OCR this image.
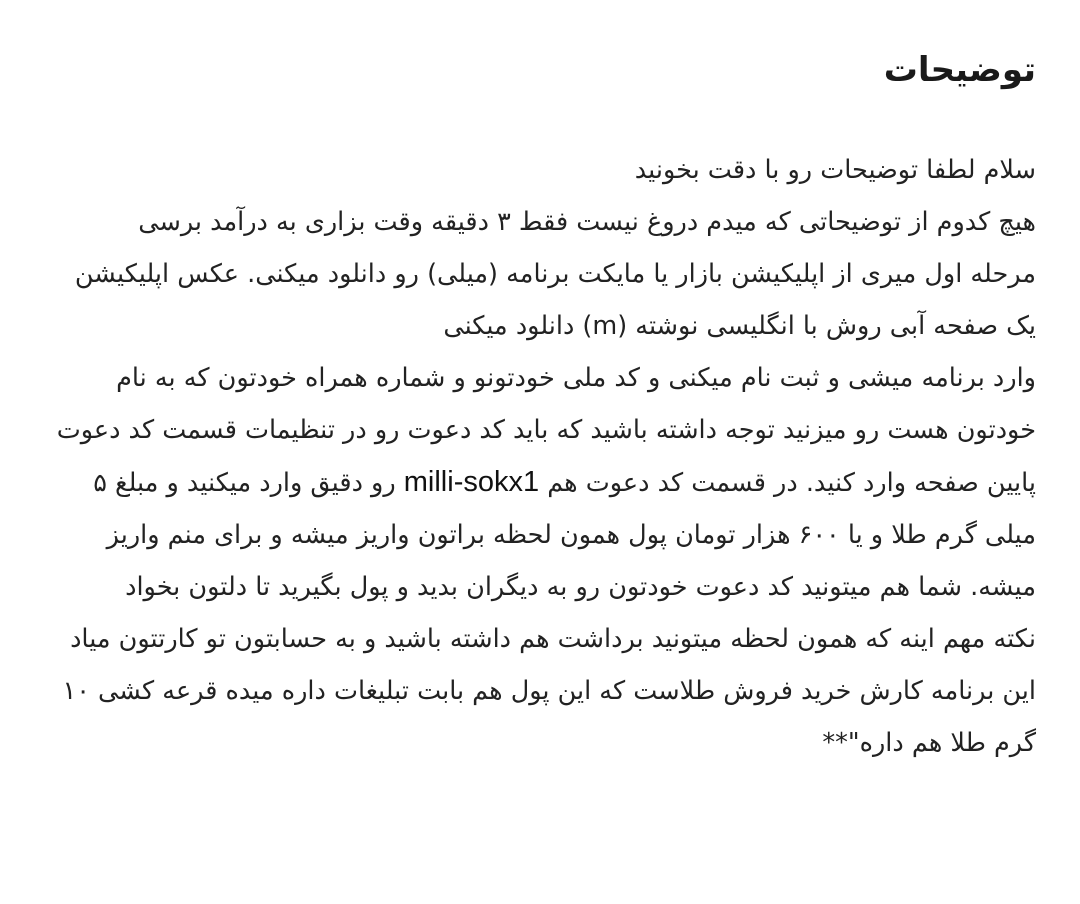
توضیحات

سلام لطفا توضیحات رو با دقت بخونید

هیچ کدوم از توضیحاتی که میدم دروغ نیست فقط ۳ دقیقه وقت بزاری به درآمد برسی

مرحله اول میری از اپلیکیشن بازار یا مایکت برنامه (میلی) رو دانلود میکنی. عکس اپلیکیشن یک صفحه آبی روش با انگلیسی نوشته (m) دانلود میکنی

وارد برنامه میشی و ثبت نام میکنی و کد ملی خودتونو و شماره همراه خودتون که به نام خودتون هست رو میزنید توجه داشته باشید که باید کد دعوت رو در تنظیمات قسمت کد دعوت پایین صفحه وارد کنید. در قسمت کد دعوت هم milli-sokx1 رو دقیق وارد میکنید و مبلغ ۵ میلی گرم طلا و یا ۶۰۰ هزار تومان پول همون لحظه براتون واریز میشه و برای منم واریز میشه. شما هم میتونید کد دعوت خودتون رو به دیگران بدید و پول بگیرید تا دلتون بخواد

نکته مهم اینه که همون لحظه میتونید برداشت هم داشته باشید و به حسابتون تو کارتتون میاد

این برنامه کارش خرید فروش طلاست که این پول هم بابت تبلیغات داره میده قرعه کشی ۱۰ گرم طلا هم داره"**
